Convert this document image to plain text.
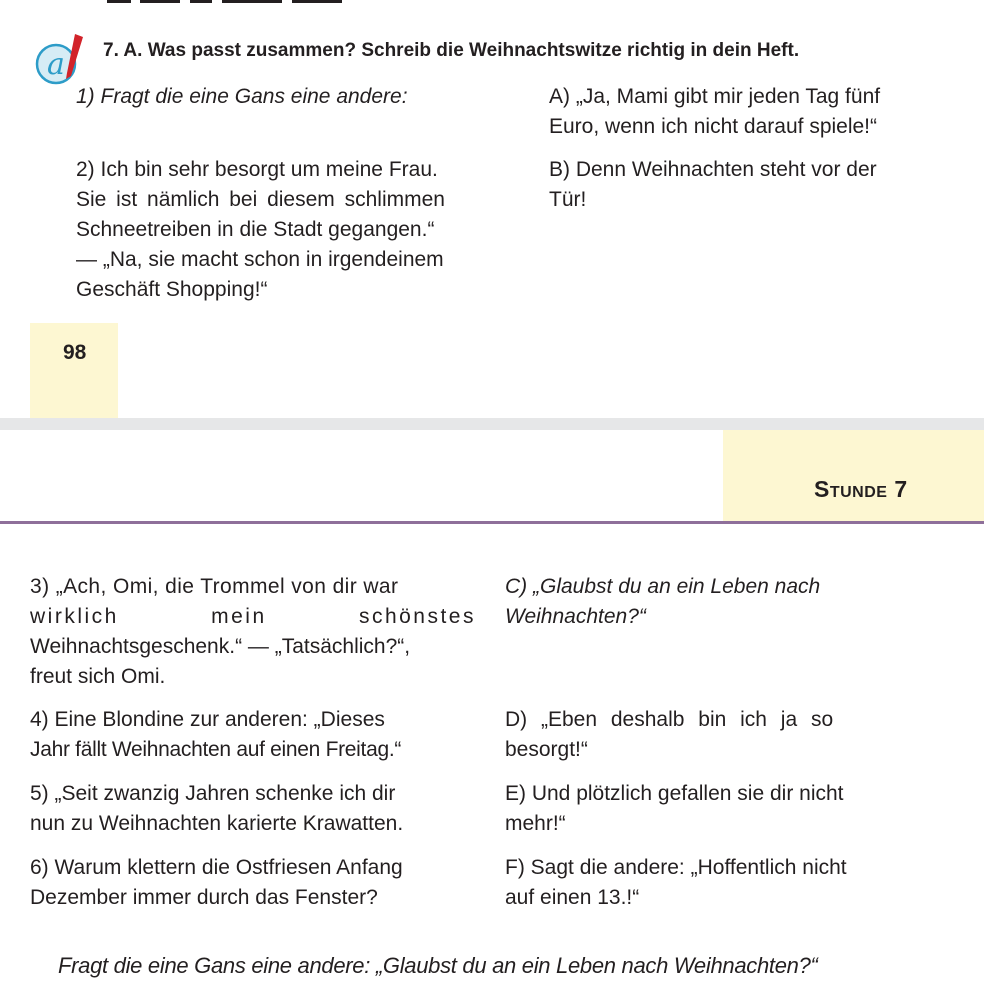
a 7. A. Was passt zusammen? Schreib die Weihnachtswitze richtig in dein Heft.
1) Fragt die eine Gans eine andere:	A) „Ja, Mami gibt mir jeden Tag fünf
Euro, wenn ich nicht darauf spiele!“
2) Ich bin sehr besorgt um meine Frau.
Sie ist nämlich bei diesem schlimmen
Schneetreiben in die Stadt gegangen.“
— „Na, sie macht schon in irgendeinem
Geschäft Shopping!“
B) Denn Weihnachten steht vor der
Tür!
98
Stunde 7
3) „Ach, Omi, die Trommel von dir war
wirklich	mein	schönstes
Weihnachtsgeschenk.“ — „Tatsächlich?“,
freut sich Omi.
C) „Glaubst du an ein Leben nach
Weihnachten?“
4) Eine Blondine zur anderen: „Dieses
Jahr fällt Weihnachten auf einen Freitag.“
D) „Eben deshalb bin ich ja so
besorgt!“
5) „Seit zwanzig Jahren schenke ich dir
nun zu Weihnachten karierte Krawatten.
E) Und plötzlich gefallen sie dir nicht
mehr!“
6) Warum klettern die Ostfriesen Anfang
Dezember immer durch das Fenster?
F) Sagt die andere: „Hoffentlich nicht
auf einen 13.!“
Fragt die eine Gans eine andere: „Glaubst du an ein Leben nach Weihnachten?“
